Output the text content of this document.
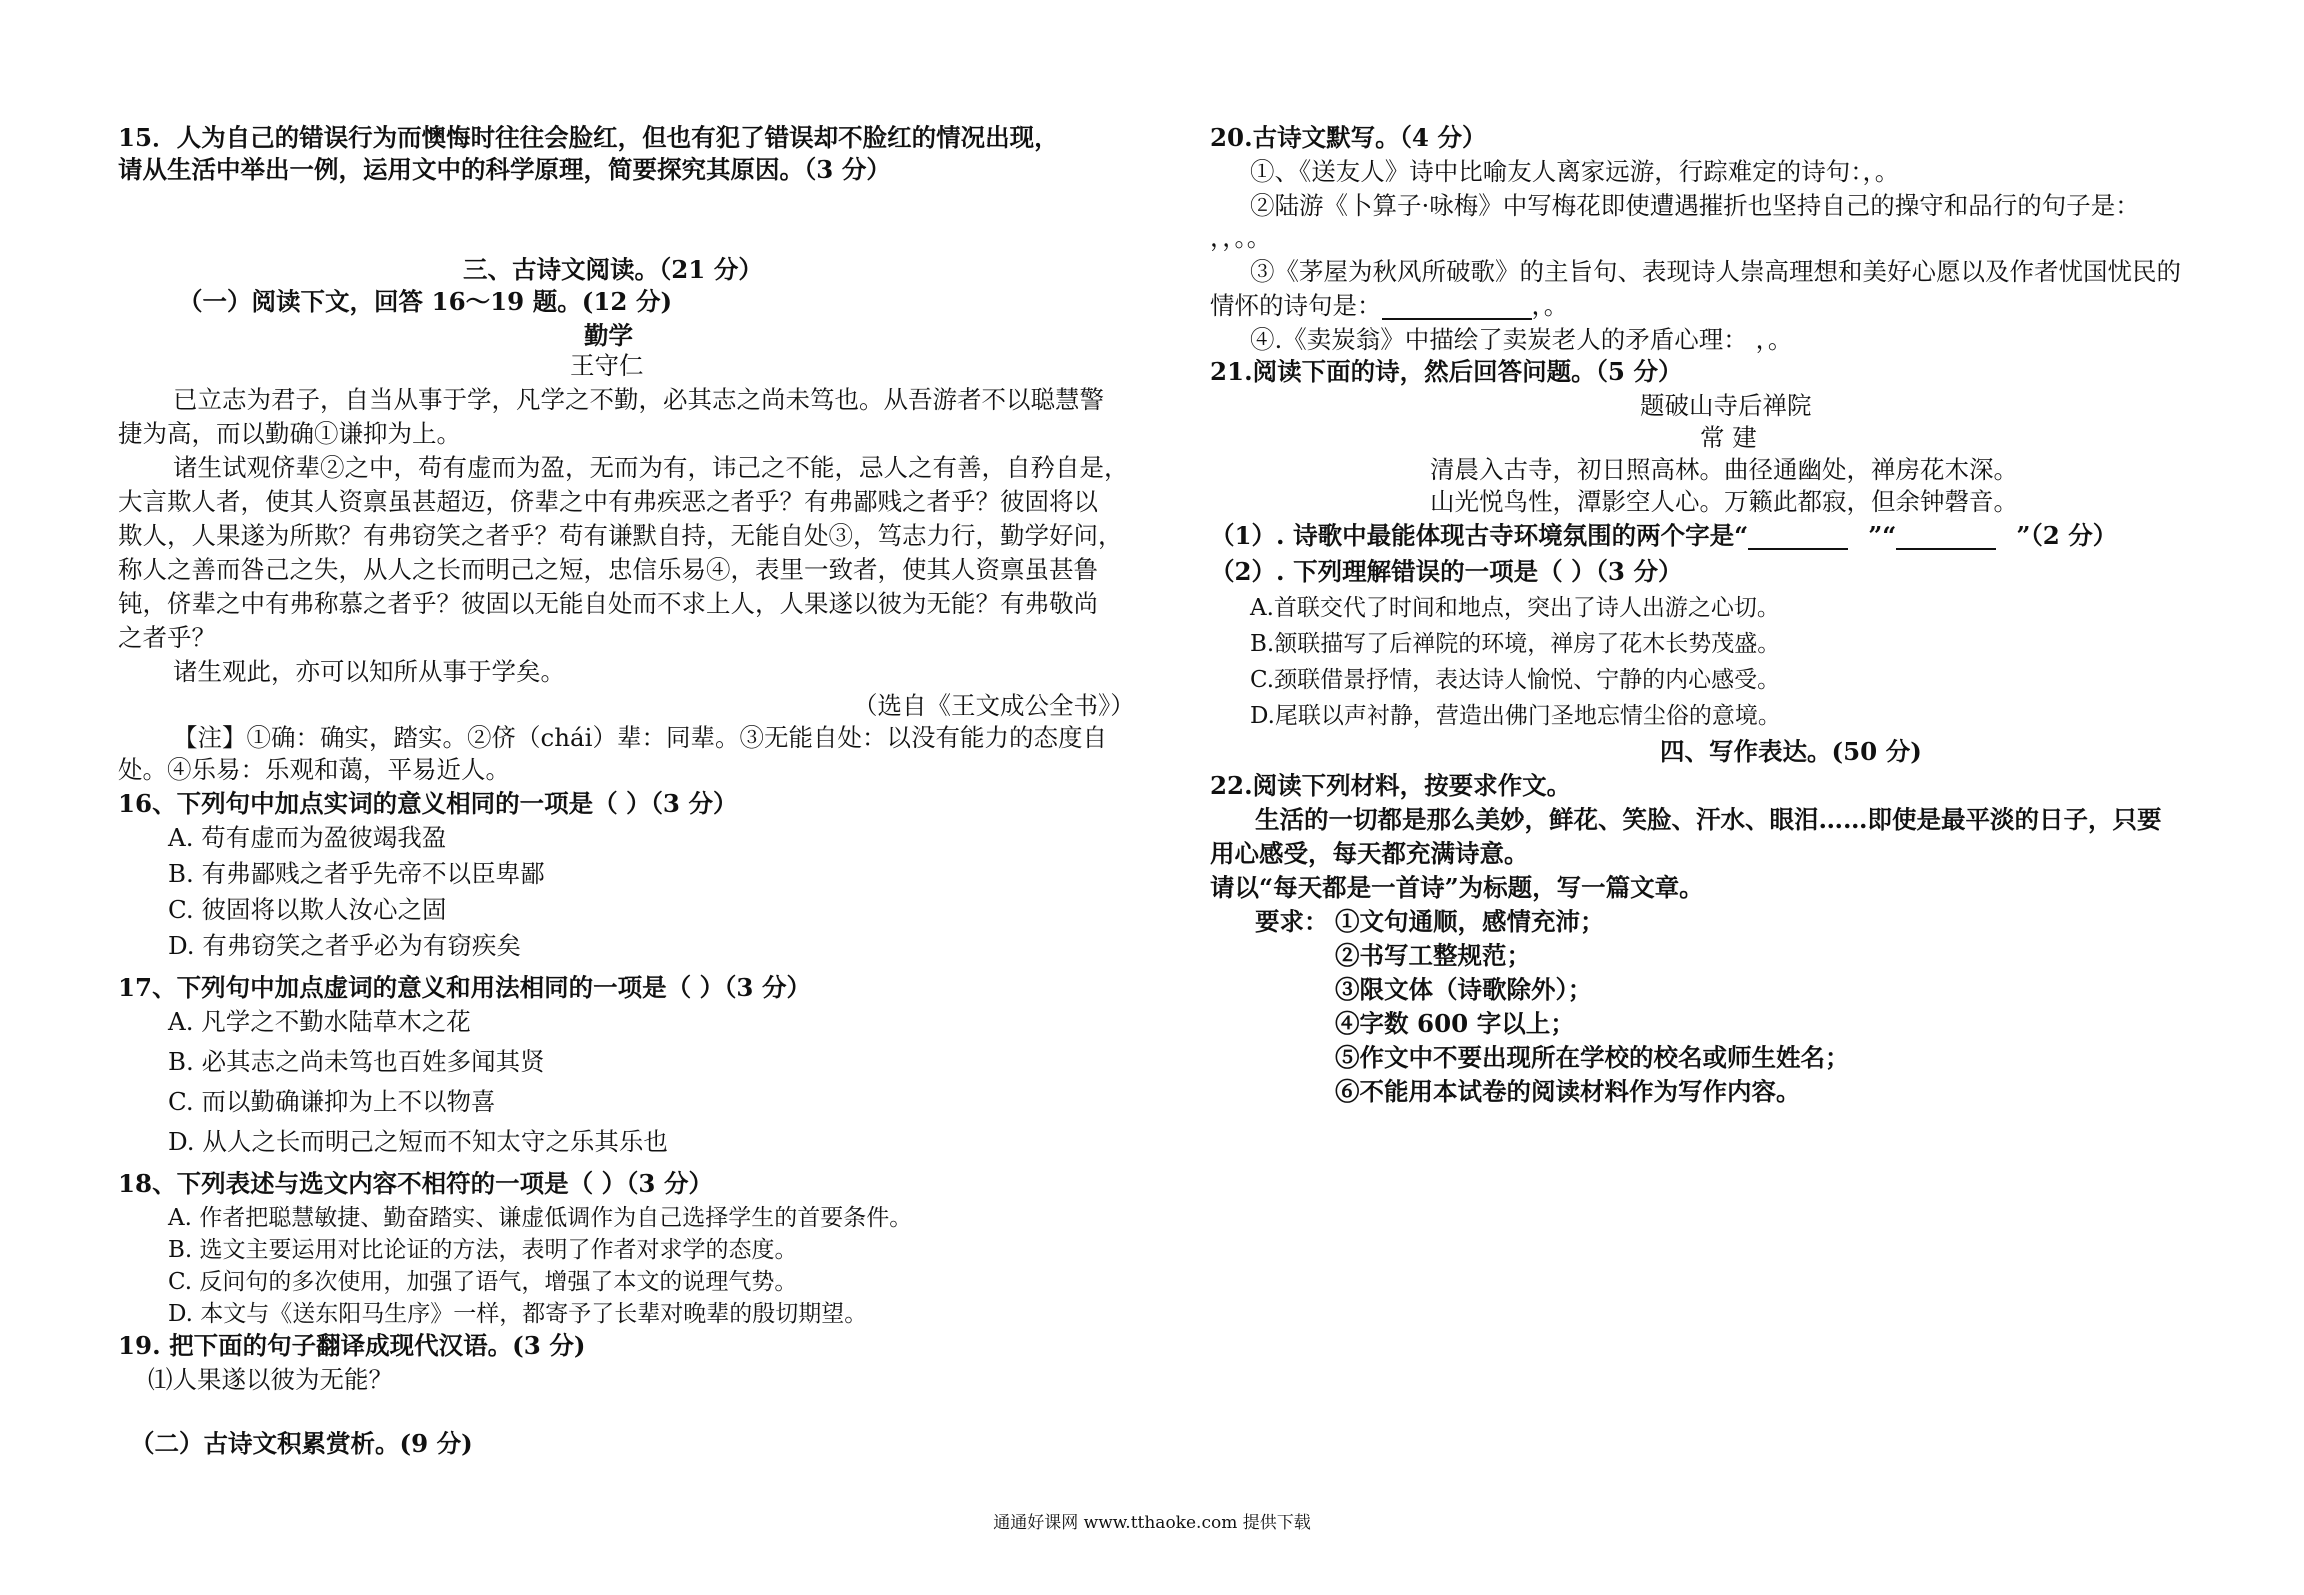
15．人为自己的错误行为而懊悔时往往会脸红，但也有犯了错误却不脸红的情况出现，
请从生活中举出一例，运用文中的科学原理，简要探究其原因。（3 分）
三、古诗文阅读。（21 分）
（一）阅读下文，回答 16～19 题。(12 分)
勤学
王守仁
已立志为君子，自当从事于学，凡学之不勤，必其志之尚未笃也。从吾游者不以聪慧警
捷为高，而以勤确①谦抑为上。
诸生试观侪辈②之中，苟有虚而为盈，无而为有，讳己之不能，忌人之有善，自矜自是，
大言欺人者，使其人资禀虽甚超迈，侪辈之中有弗疾恶之者乎？有弗鄙贱之者乎？彼固将以
欺人，人果遂为所欺？有弗窃笑之者乎？苟有谦默自持，无能自处③，笃志力行，勤学好问，
称人之善而咎己之失，从人之长而明己之短，忠信乐易④，表里一致者，使其人资禀虽甚鲁
钝，侪辈之中有弗称慕之者乎？彼固以无能自处而不求上人，人果遂以彼为无能？有弗敬尚
之者乎？
诸生观此，亦可以知所从事于学矣。
（选自《王文成公全书》）
【注】①确：确实，踏实。②侪（chái）辈：同辈。③无能自处：以没有能力的态度自
处。④乐易：乐观和蔼，平易近人。
16、下列句中加点实词的意义相同的一项是（ ）（3 分）
A. 苟有虚而为盈彼竭我盈
B. 有弗鄙贱之者乎先帝不以臣卑鄙
C. 彼固将以欺人汝心之固
D. 有弗窃笑之者乎必为有窃疾矣
17、下列句中加点虚词的意义和用法相同的一项是（ ）（3 分）
A. 凡学之不勤水陆草木之花
B. 必其志之尚未笃也百姓多闻其贤
C. 而以勤确谦抑为上不以物喜
D. 从人之长而明己之短而不知太守之乐其乐也
18、下列表述与选文内容不相符的一项是（ ）（3 分）
A. 作者把聪慧敏捷、勤奋踏实、谦虚低调作为自己选择学生的首要条件。
B. 选文主要运用对比论证的方法，表明了作者对求学的态度。
C. 反问句的多次使用，加强了语气，增强了本文的说理气势。
D. 本文与《送东阳马生序》一样，都寄予了长辈对晚辈的殷切期望。
19. 把下面的句子翻译成现代汉语。(3 分)
⑴人果遂以彼为无能？
（二）古诗文积累赏析。(9 分)
20.古诗文默写。（4 分）
①、《送友人》诗中比喻友人离家远游，行踪难定的诗句：，。
②陆游《卜算子·咏梅》中写梅花即使遭遇摧折也坚持自己的操守和品行的句子是：
，，。。
③《茅屋为秋风所破歌》的主旨句、表现诗人崇高理想和美好心愿以及作者忧国忧民的
情怀的诗句是：	，。
④.《卖炭翁》中描绘了卖炭老人的矛盾心理： ，。
21.阅读下面的诗，然后回答问题。（5 分）
题破山寺后禅院
常 建
清晨入古寺，初日照高林。曲径通幽处，禅房花木深。
山光悦鸟性，潭影空人心。万籁此都寂，但余钟磬音。
（1）. 诗歌中最能体现古寺环境氛围的两个字是“	”“	”（2 分）
（2）. 下列理解错误的一项是（ ）（3 分）
A.首联交代了时间和地点，突出了诗人出游之心切。
B.颔联描写了后禅院的环境，禅房了花木长势茂盛。
C.颈联借景抒情，表达诗人愉悦、宁静的内心感受。
D.尾联以声衬静，营造出佛门圣地忘情尘俗的意境。
四、写作表达。(50 分)
22.阅读下列材料，按要求作文。
生活的一切都是那么美妙，鲜花、笑脸、汗水、眼泪……即使是最平淡的日子，只要
用心感受，每天都充满诗意。
请以“每天都是一首诗”为标题，写一篇文章。
要求： ①文句通顺，感情充沛；
②书写工整规范；
③限文体（诗歌除外）；
④字数 600 字以上；
⑤作文中不要出现所在学校的校名或师生姓名；
⑥不能用本试卷的阅读材料作为写作内容。
通通好课网 www.tthaoke.com 提供下载
